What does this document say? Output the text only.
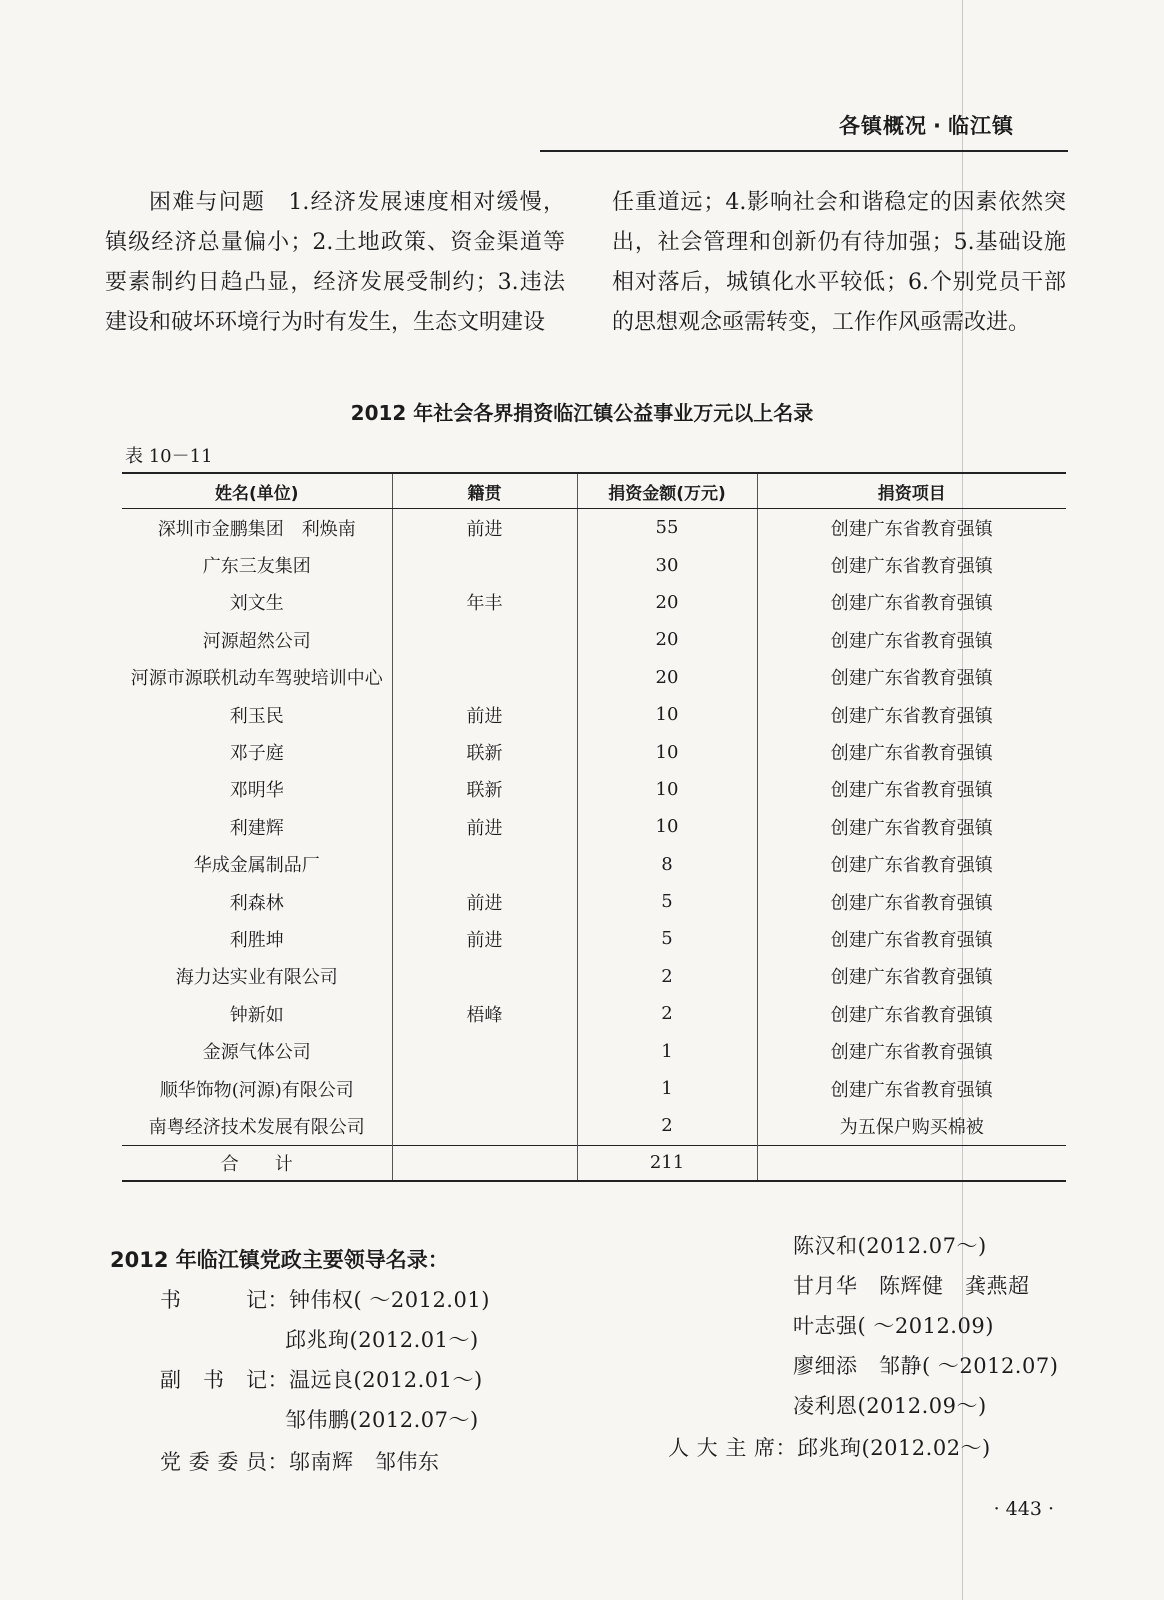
各镇概况 · 临江镇
困难与问题　1.经济发展速度相对缓慢，镇级经济总量偏小；2.土地政策、资金渠道等要素制约日趋凸显，经济发展受制约；3.违法建设和破坏环境行为时有发生，生态文明建设
任重道远；4.影响社会和谐稳定的因素依然突出，社会管理和创新仍有待加强；5.基础设施相对落后，城镇化水平较低；6.个别党员干部的思想观念亟需转变，工作作风亟需改进。
2012 年社会各界捐资临江镇公益事业万元以上名录
表 10－11
姓名(单位)	籍贯	捐资金额(万元)	捐资项目
深圳市金鹏集团　利焕南	前进	55	创建广东省教育强镇
广东三友集团		30	创建广东省教育强镇
刘文生	年丰	20	创建广东省教育强镇
河源超然公司		20	创建广东省教育强镇
河源市源联机动车驾驶培训中心		20	创建广东省教育强镇
利玉民	前进	10	创建广东省教育强镇
邓子庭	联新	10	创建广东省教育强镇
邓明华	联新	10	创建广东省教育强镇
利建辉	前进	10	创建广东省教育强镇
华成金属制品厂		8	创建广东省教育强镇
利森林	前进	5	创建广东省教育强镇
利胜坤	前进	5	创建广东省教育强镇
海力达实业有限公司		2	创建广东省教育强镇
钟新如	梧峰	2	创建广东省教育强镇
金源气体公司		1	创建广东省教育强镇
顺华饰物(河源)有限公司		1	创建广东省教育强镇
南粤经济技术发展有限公司		2	为五保户购买棉被
合　　计		211	
2012 年临江镇党政主要领导名录：
书　　　记：钟伟权( ～2012.01)
邱兆珣(2012.01～)
副　书　记：温远良(2012.01～)
邹伟鹏(2012.07～)
党 委 委 员：邬南辉　邹伟东
陈汉和(2012.07～)
甘月华　陈辉健　龚燕超
叶志强( ～2012.09)
廖细添　邹静( ～2012.07)
凌利恩(2012.09～)
人 大 主 席：邱兆珣(2012.02～)
· 443 ·
